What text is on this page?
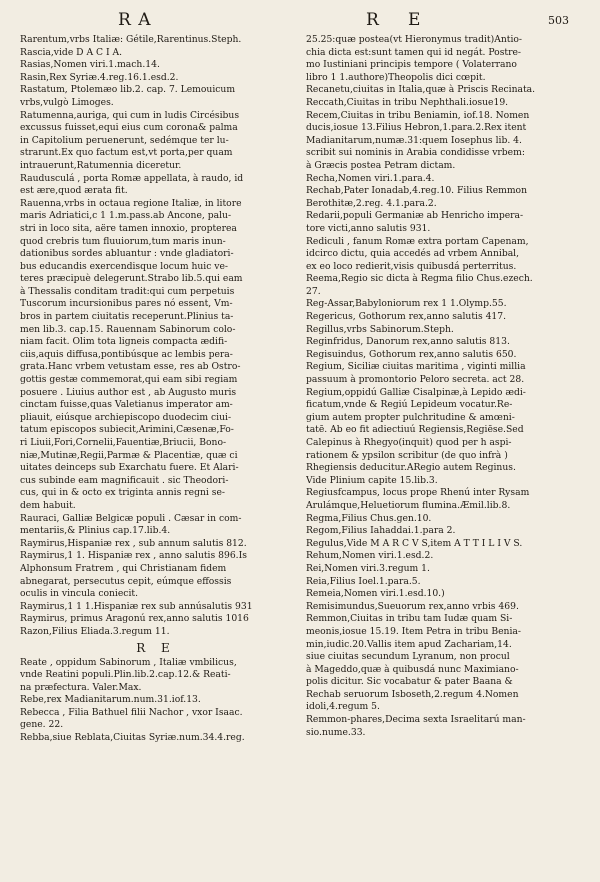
R A	R E	503
Rarentum,vrbs Italiæ: Gétile,Rarentinus.Steph.
Rascia,vide D A C I A.
Rasias,Nomen viri.1.mach.14.
Rasin,Rex Syriæ.4.reg.16.1.esd.2.
Rastatum, Ptolemæo lib.2. cap. 7. Lemouicum
vrbs,vulgò Limoges.
Ratumenna,auriga, qui cum in ludis Circésibus
excussus fuisset,equi eius cum corona& palma
in Capitolium peruenerunt, sedémque ter lu-
strarunt.Ex quo factum est,vt porta,per quam
intrauerunt,Ratumennia diceretur.
Raudusculá , porta Romæ appellata, à raudo, id
est ære,quod ærata fit.
Rauenna,vrbs in octaua regione Italiæ, in litore
maris Adriatici,c 1 1.m.pass.ab Ancone, palu-
stri in loco sita, aëre tamen innoxio, propterea
quod crebris tum fluuiorum,tum maris inun-
dationibus sordes abluantur : vnde gladiatori-
bus educandis exercendisque locum huic ve-
teres præcipuè delegerunt.Strabo lib.5.qui eam
à Thessalis conditam tradit:qui cum perpetuis
Tuscorum incursionibus pares nó essent, Vm-
bros in partem ciuitatis receperunt.Plinius ta-
men lib.3. cap.15. Rauennam Sabinorum colo-
niam facit. Olim tota ligneis compacta ædifi-
ciis,aquis diffusa,pontibúsque ac lembis pera-
grata.Hanc vrbem vetustam esse, res ab Ostro-
gottis gestæ commemorat,qui eam sibi regiam
posuere . Liuius author est , ab Augusto muris
cinctam fuisse,quas Valetianus imperator am-
pliauit, eiúsque archiepiscopo duodecim ciui-
tatum episcopos subiecit,Arimini,Cæsenæ,Fo-
ri Liuii,Fori,Cornelii,Fauentiæ,Briucii, Bono-
niæ,Mutinæ,Regii,Parmæ & Placentiæ, quæ ci
uitates deinceps sub Exarchatu fuere. Et Alari-
cus subinde eam magnificauit . sic Theodori-
cus, qui in & octo ex triginta annis regni se-
dem habuit.
Rauraci, Galliæ Belgicæ populi . Cæsar in com-
mentariis,& Plinius cap.17.lib.4.
Raymirus,Hispaniæ rex , sub annum salutis 812.
Raymirus,1 1. Hispaniæ rex , anno salutis 896.Is
Alphonsum Fratrem , qui Christianam fidem
abnegarat, persecutus cepit, eúmque effossis
oculis in vincula coniecit.
Raymirus,1 1 1.Hispaniæ rex sub annúsalutis 931
Raymirus, primus Aragonú rex,anno salutis 1016
Razon,Filius Eliada.3.regum 11.
R E
Reate , oppidum Sabinorum , Italiæ vmbilicus,
vnde Reatini populi.Plin.lib.2.cap.12.& Reati-
na præfectura. Valer.Max.
Rebe,rex Madianitarum.num.31.iof.13.
Rebecca , Filia Bathuel filii Nachor , vxor Isaac.
gene. 22.
Rebba,siue Reblata,Ciuitas Syriæ.num.34.4.reg.
25.25:quæ postea(vt Hieronymus tradit)Antio-
chia dicta est:sunt tamen qui id negát. Postre-
mo Iustiniani principis tempore ( Volaterrano
libro 1 1.authore)Theopolis dici cœpit.
Recanetu,ciuitas in Italia,quæ à Priscis Recinata.
Reccath,Ciuitas in tribu Nephthali.iosue19.
Recem,Ciuitas in tribu Beniamin, iof.18. Nomen
ducis,iosue 13.Filius Hebron,1.para.2.Rex itent
Madianitarum,numæ.31:quem Iosephus lib. 4.
scribit sui nominis in Arabia condidisse vrbem:
à Græcis postea Petram dictam.
Recha,Nomen viri.1.para.4.
Rechab,Pater Ionadab,4.reg.10. Filius Remmon
Berothitæ,2.reg. 4.1.para.2.
Redarii,populi Germaniæ ab Henricho impera-
tore victi,anno salutis 931.
Rediculi , fanum Romæ extra portam Capenam,
idcirco dictu, quia accedés ad vrbem Annibal,
ex eo loco redierit,visis quibusdá perterritus.
Reema,Regio sic dicta à Regma filio Chus.ezech.
27.
Reg-Assar,Babyloniorum rex 1 1.Olymp.55.
Regericus, Gothorum rex,anno salutis 417.
Regillus,vrbs Sabinorum.Steph.
Reginfridus, Danorum rex,anno salutis 813.
Regisuindus, Gothorum rex,anno salutis 650.
Regium, Siciliæ ciuitas maritima , viginti millia
passuum à promontorio Peloro secreta. act 28.
Regium,oppidú Galliæ Cisalpinæ,à Lepido ædi-
ficatum,vnde & Regiú Lepideum vocatur.Re-
gium autem propter pulchritudine & amœni-
tatē. Ab eo fit adiectiuú Regiensis,Regiēse.Sed
Calepinus à Rhegyo(inquit) quod per h aspi-
rationem & ypsilon scribitur (de quo infrà )
Rhegiensis deducitur.ARegio autem Reginus.
Vide Plinium capite 15.lib.3.
Regiusfcampus, locus prope Rhenú inter Rysam
Arulámque,Heluetiorum flumina.Æmil.lib.8.
Regma,Filius Chus.gen.10.
Regom,Filius Iahaddai.1.para 2.
Regulus,Vide M A R C V S,item A T T I L I V S.
Rehum,Nomen viri.1.esd.2.
Rei,Nomen viri.3.regum 1.
Reia,Filius Ioel.1.para.5.
Remeia,Nomen viri.1.esd.10.)
Remisimundus,Sueuorum rex,anno vrbis 469.
Remmon,Ciuitas in tribu tam Iudæ quam Si-
meonis,iosue 15.19. Item Petra in tribu Benia-
min,iudic.20.Vallis item apud Zachariam,14.
siue ciuitas secundum Lyranum, non procul
à Mageddo,quæ à quibusdá nunc Maximiano-
polis dicitur. Sic vocabatur & pater Baana &
Rechab seruorum Isboseth,2.regum 4.Nomen
idoli,4.regum 5.
Remmon-phares,Decima sexta Israelitarú man-
sio.nume.33.
